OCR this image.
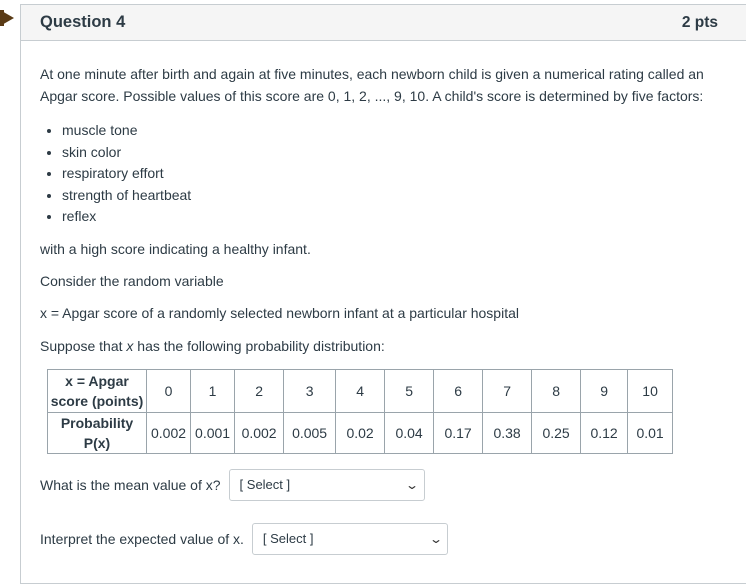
Question 4	2 pts

At one minute after birth and again at five minutes, each newborn child is given a numerical rating called an Apgar score. Possible values of this score are 0, 1, 2, ..., 9, 10. A child's score is determined by five factors:

• muscle tone
• skin color
• respiratory effort
• strength of heartbeat
• reflex

with a high score indicating a healthy infant.

Consider the random variable

x = Apgar score of a randomly selected newborn infant at a particular hospital

Suppose that x has the following probability distribution:

x = Apgar score (points)	0	1	2	3	4	5	6	7	8	9	10
Probability P(x)	0.002	0.001	0.002	0.005	0.02	0.04	0.17	0.38	0.25	0.12	0.01
What is the mean value of x? [ Select ]	⌄
Interpret the expected value of x. [ Select ]	⌄
